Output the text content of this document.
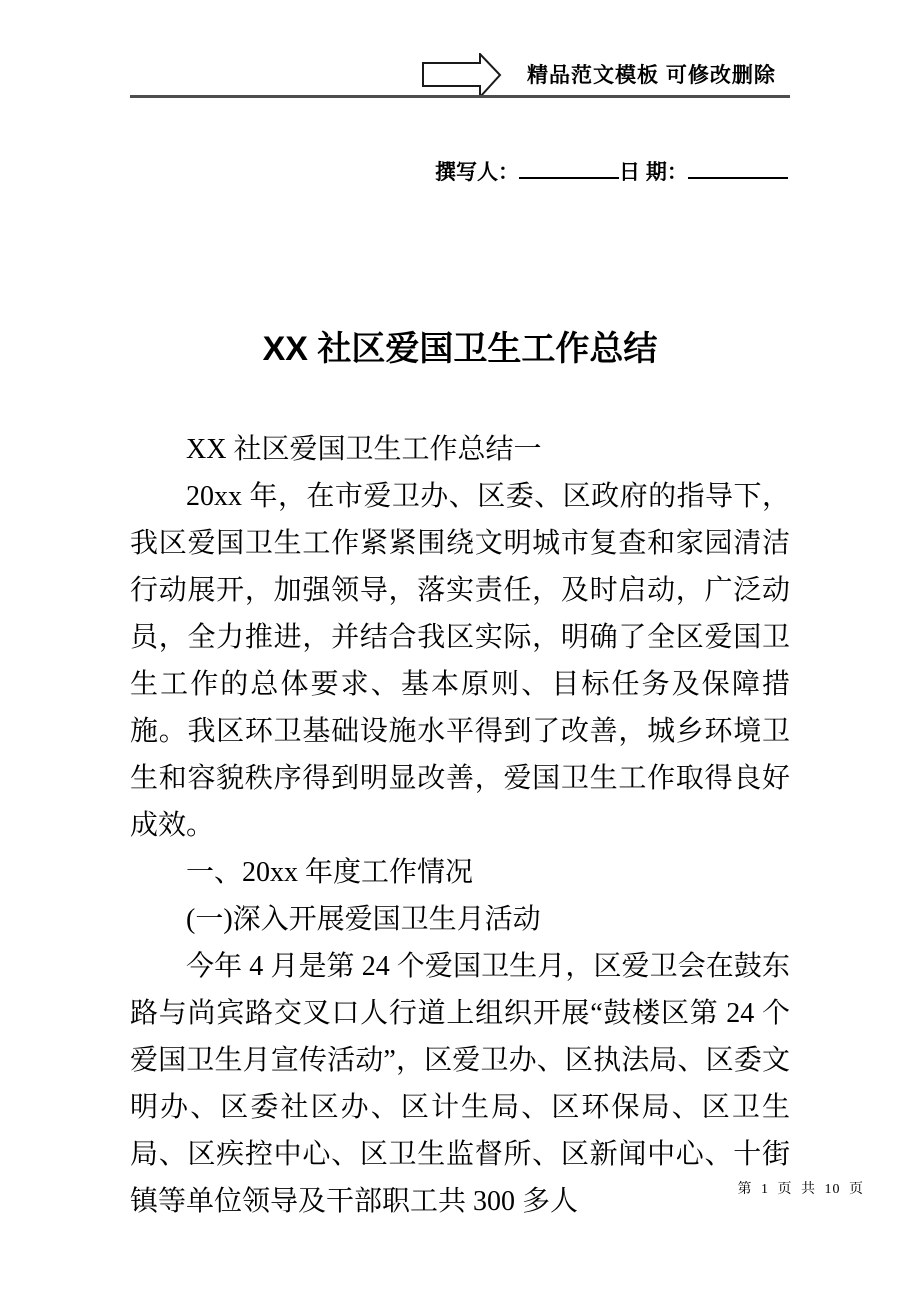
精品范文模板 可修改删除
撰写人：	日 期：
XX 社区爱国卫生工作总结

XX 社区爱国卫生工作总结一

20xx 年，在市爱卫办、区委、区政府的指导下，我区爱国卫生工作紧紧围绕文明城市复查和家园清洁行动展开，加强领导，落实责任，及时启动，广泛动员，全力推进，并结合我区实际，明确了全区爱国卫生工作的总体要求、基本原则、目标任务及保障措施。我区环卫基础设施水平得到了改善，城乡环境卫生和容貌秩序得到明显改善，爱国卫生工作取得良好成效。

一、20xx 年度工作情况

(一)深入开展爱国卫生月活动

今年 4 月是第 24 个爱国卫生月，区爱卫会在鼓东路与尚宾路交叉口人行道上组织开展“鼓楼区第 24 个爱国卫生月宣传活动”，区爱卫办、区执法局、区委文明办、区委社区办、区计生局、区环保局、区卫生局、区疾控中心、区卫生监督所、区新闻中心、十街镇等单位领导及干部职工共 300 多人	第 1 页 共 10 页
